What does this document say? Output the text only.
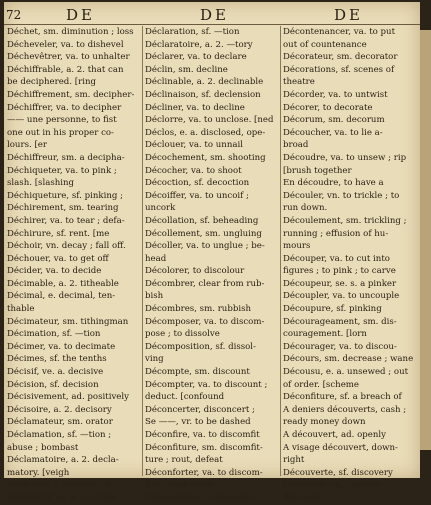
72	DE	DE	DE
Déchet, sm. diminution ; loss
Décheveler, va. to dishevel
Déchevêtrer, va. to unhalter
Déchiffrable, a. 2. that can
be deciphered. [ring
Déchiffrement, sm. decipher-
Déchiffrer, va. to decipher
—— une personne, to fist
one out in his proper co-
lours. [er
Déchiffreur, sm. a decipha-
Déchiqueter, va. to pink ;
slash. [slashing
Déchiqueture, sf. pinking ;
Déchirement, sm. tearing
Déchirer, va. to tear ; defa-
Déchirure, sf. rent. [me
Déchoir, vn. decay ; fall off.
Déchouer, va. to get off
Décider, va. to decide
Décimable, a. 2. titheable
Décimal, e. decimal, ten-
thable
Décimateur, sm. tithingman
Décimation, sf. —tion
Décimer, va. to decimate
Décimes, sf. the tenths
Décisif, ve. a. decisive
Décision, sf. decision
Décisivement, ad. positively
Décisoire, a. 2. decisory
Déclamateur, sm. orator
Déclamation, sf. —tion ;
abuse ; bombast
Déclamatoire, a. 2. decla-
matory. [veigh
Déclamer, v. declaim ; in-
Déclaratif, ve. a. —rative
Déclaration, sf. —tion
Déclaratoire, a. 2. —tory
Déclarer, va. to declare
Déclin, sm. decline
Déclinable, a. 2. declinable
Déclinaison, sf. declension
Décliner, va. to decline
Déclorre, va. to unclose. [ned
Déclos, e. a. disclosed, ope-
Déclouer, va. to unnail
Décochement, sm. shooting
Décocher, va. to shoot
Décoction, sf. decoction
Décoiffer, va. to uncoif ;
uncork
Décollation, sf. beheading
Décollement, sm. ungluing
Décoller, va. to unglue ; be-
head
Décolorer, to discolour
Décombrer, clear from rub-
bish
Décombres, sm. rubbish
Décomposer, va. to discom-
pose ; to dissolve
Décomposition, sf. dissol-
ving
Décompte, sm. discount
Décompter, va. to discount ;
deduct. [confound
Déconcerter, disconcert ;
Se ——, vr. to be dashed
Déconfire, va. to discomfit
Déconfiture, sm. discomfit-
ture ; rout, defeat
Déconforter, va. to discom-
fort ; cast down
Déconseiller, to dissuade
Décontenancer, va. to put
out of countenance
Décorateur, sm. decorator
Décorations, sf. scenes of
theatre
Décorder, va. to untwist
Décorer, to decorate
Décorum, sm. decorum
Découcher, va. to lie a-
broad
Découdre, va. to unsew ; rip
[brush together
En découdre, to have a
Découler, vn. to trickle ; to
run down.
Découlement, sm. trickling ;
running ; effusion of hu-
mours
Découper, va. to cut into
figures ; to pink ; to carve
Découpeur, se. s. a pinker
Découpler, va. to uncouple
Découpure, sf. pinking
Décourageament, sm. dis-
couragement. [lorn
Décourager, va. to discou-
Décours, sm. decrease ; wane
Décousu, e. a. unsewed ; out
of order. [scheme
Déconfiture, sf. a breach of
A deniers découverts, cash ;
ready money down
A découvert, ad. openly
A visage découvert, down-
right
Découverte, sf. discovery
Découvrir, va. uncover ;
discover
